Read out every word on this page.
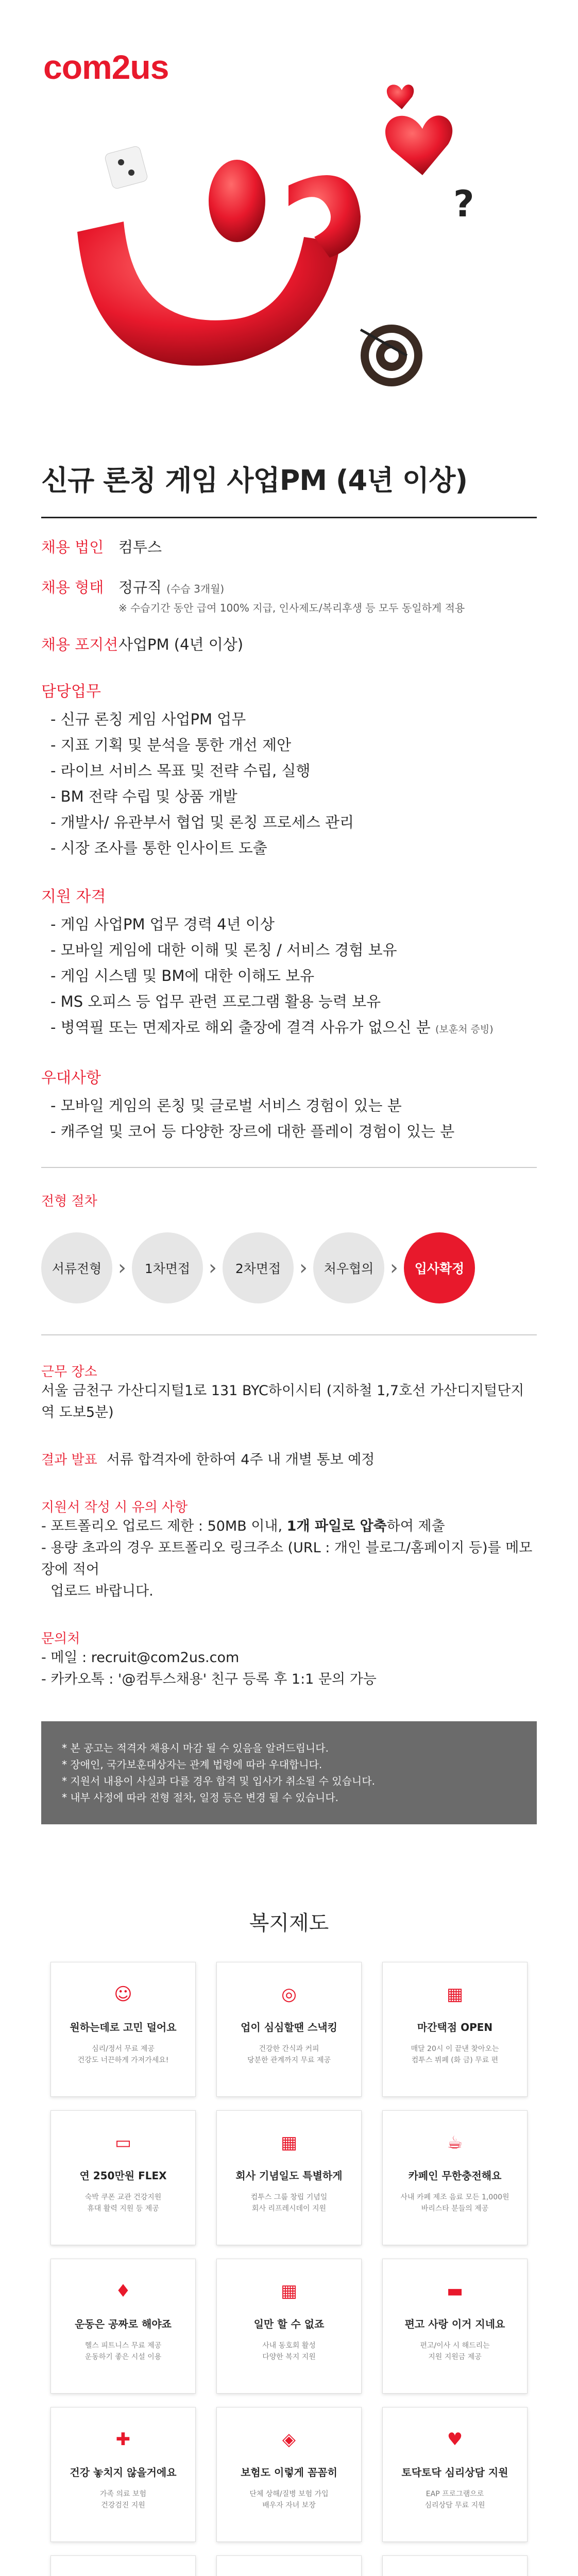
com2us
?
신규 론칭 게임 사업PM (4년 이상)
채용 법인 컴투스
채용 형태 정규직 (수습 3개월)
※ 수습기간 동안 급여 100% 지급, 인사제도/복리후생 등 모두 동일하게 적용
채용 포지션 사업PM (4년 이상)
담당업무
- 신규 론칭 게임 사업PM 업무
- 지표 기획 및 분석을 통한 개선 제안
- 라이브 서비스 목표 및 전략 수립, 실행
- BM 전략 수립 및 상품 개발
- 개발사/ 유관부서 협업 및 론칭 프로세스 관리
- 시장 조사를 통한 인사이트 도출
지원 자격
- 게임 사업PM 업무 경력 4년 이상
- 모바일 게임에 대한 이해 및 론칭 / 서비스 경험 보유
- 게임 시스템 및 BM에 대한 이해도 보유
- MS 오피스 등 업무 관련 프로그램 활용 능력 보유
- 병역필 또는 면제자로 해외 출장에 결격 사유가 없으신 분 (보훈처 증빙)
우대사항
- 모바일 게임의 론칭 및 글로벌 서비스 경험이 있는 분
- 캐주얼 및 코어 등 다양한 장르에 대한 플레이 경험이 있는 분
전형 절차
서류전형 ›	1차면접 ›	2차면접 ›	처우협의 ›	입사확정
근무 장소

서울 금천구 가산디지털1로 131 BYC하이시티 (지하철 1,7호선 가산디지털단지역 도보5분)

결과 발표 서류 합격자에 한하여 4주 내 개별 통보 예정

지원서 작성 시 유의 사항

- 포트폴리오 업로드 제한 : 50MB 이내, 1개 파일로 압축하여 제출

- 용량 초과의 경우 포트폴리오 링크주소 (URL : 개인 블로그/홈페이지 등)를 메모장에 적어

업로드 바랍니다.

문의처

- 메일 : recruit@com2us.com

- 카카오톡 : '@컴투스채용' 친구 등록 후 1:1 문의 가능

* 본 공고는 적격자 채용시 마감 될 수 있음을 알려드립니다.
* 장애인, 국가보훈대상자는 관계 법령에 따라 우대합니다.
* 지원서 내용이 사실과 다를 경우 합격 및 입사가 취소될 수 있습니다.
* 내부 사정에 따라 전형 절차, 일정 등은 변경 될 수 있습니다.
복지제도
☺
원하는데로 고민 덜어요
심리/정서 무료 제공
건강도 너끈하게 가져가세요!
◎
업이 심심할땐 스낵킹
건강한 간식과 커피
당분한 관계까지 무료 제공
▦
마간택점 OPEN
매달 20시 이 끝낸 찾아오는
컴투스 뷔페 (화 금) 무료 편
▭
연 250만원 FLEX
숙박 쿠폰 교관 건강지원
휴대 활력 지원 등 제공
▦
회사 기념일도 특별하게
컴투스 그룹 창립 기념일
회사 리프레시데이 지원
☕
카페인 무한충전해요
사내 카페 제조 음료 모든 1,000원
바리스타 분들의 제공
♦
운동은 공짜로 해야죠
헬스 피트니스 무료 제공
운동하기 좋은 시설 이용
▦
일만 할 수 없죠
사내 동호회 활성
다양한 복지 지원
▬
편고 사랑 이거 지네요
편고/이사 시 해드리는
지원 지원금 제공
✚
건강 놓치지 않을거에요
가족 의료 보험
건강검진 지원
◈
보험도 이렇게 꼼꼼히
단체 상해/질병 보험 가입
배우자 자녀 보장
♥
토닥토닥 심리상담 지원
EAP 프로그램으로
심리상담 무료 지원
